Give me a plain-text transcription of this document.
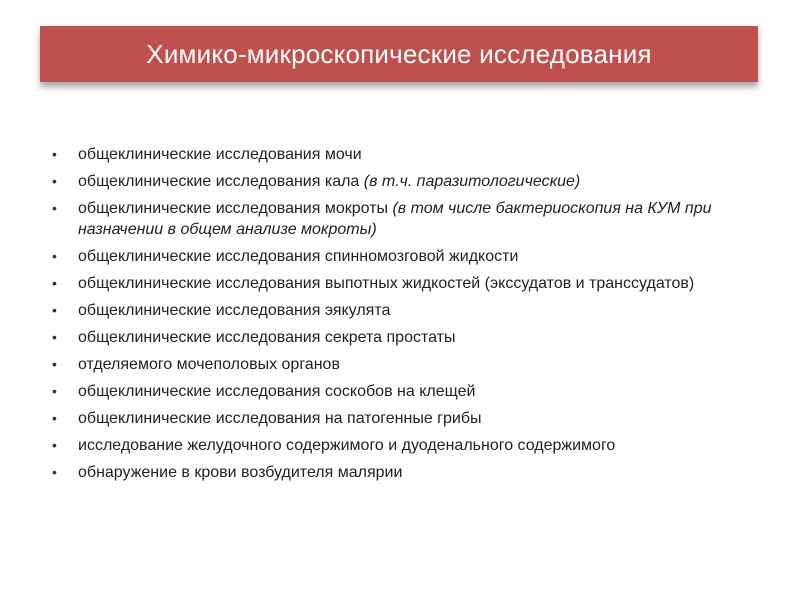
Химико-микроскопические исследования
•	общеклинические исследования мочи
•	общеклинические исследования кала (в т.ч. паразитологические)
•	общеклинические исследования мокроты (в том числе бактериоскопия на КУМ при назначении в общем анализе мокроты)
•	общеклинические исследования спинномозговой жидкости
•	общеклинические исследования выпотных жидкостей (экссудатов и транссудатов)
•	общеклинические исследования эякулята
•	общеклинические исследования секрета простаты
•	отделяемого мочеполовых органов
•	общеклинические исследования соскобов на клещей
•	общеклинические исследования на патогенные грибы
•	исследование желудочного содержимого и дуоденального содержимого
•	обнаружение в крови возбудителя малярии
